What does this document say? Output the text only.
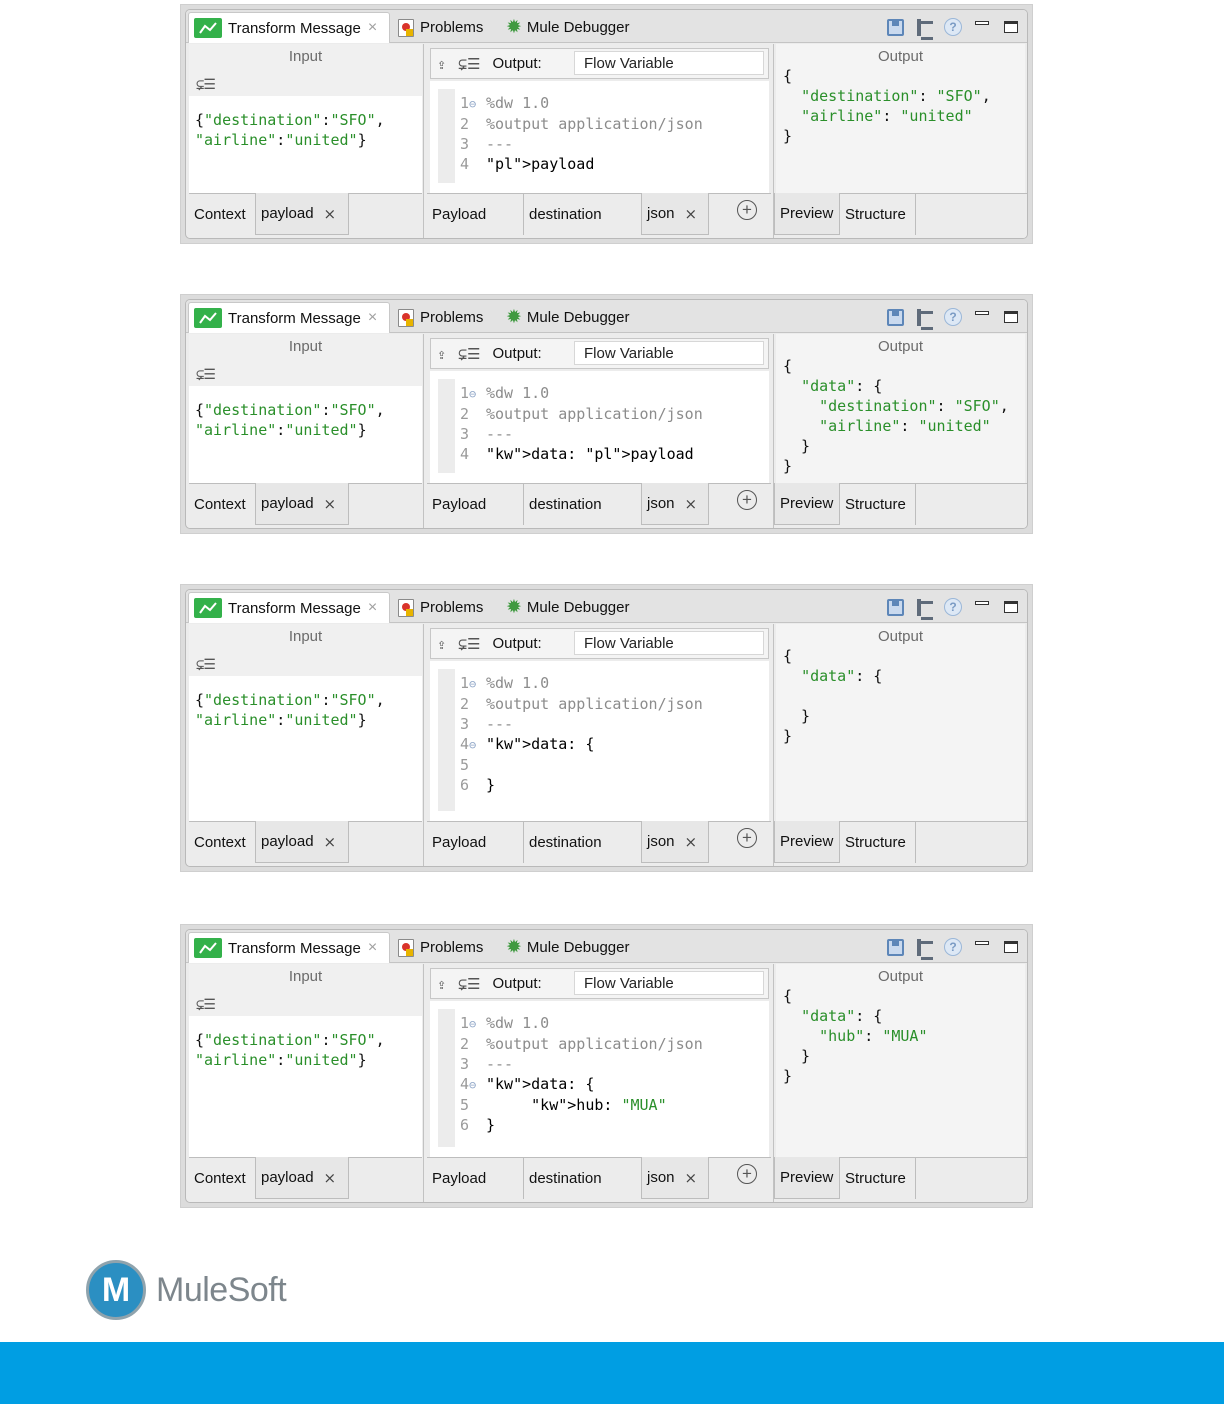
Transform Message ×	Problems ✹ Mule Debugger	?
Input
⊊☰
{"destination":"SFO",
"airline":"united"}
Context payload ⨯
⇪ ⊊☰ Output:	Flow Variable
1⊖ %dw 1.0
2 %output application/json
3 ---
4 "pl">payload
Payload	destination	json ⨯	+
Output
{
"destination": "SFO",
"airline": "united"
}
Preview Structure
Transform Message ×	Problems ✹ Mule Debugger	?
Input
⊊☰
{"destination":"SFO",
"airline":"united"}
Context payload ⨯
⇪ ⊊☰ Output:	Flow Variable
1⊖ %dw 1.0
2 %output application/json
3 ---
4 "kw">data: "pl">payload
Payload	destination	json ⨯	+
Output
{
"data": {
"destination": "SFO",
"airline": "united"
}
}
Preview Structure
Transform Message ×	Problems ✹ Mule Debugger	?
Input
⊊☰
{"destination":"SFO",
"airline":"united"}
Context payload ⨯
⇪ ⊊☰ Output:	Flow Variable
1⊖ %dw 1.0
2 %output application/json
3 ---
4⊖ "kw">data: {
5
6 }
Payload	destination	json ⨯	+
Output
{
"data": {

}
}
Preview Structure
Transform Message ×	Problems ✹ Mule Debugger	?
Input
⊊☰
{"destination":"SFO",
"airline":"united"}
Context payload ⨯
⇪ ⊊☰ Output:	Flow Variable
1⊖ %dw 1.0
2 %output application/json
3 ---
4⊖ "kw">data: {
5	"kw">hub: "MUA"
6 }
Payload	destination	json ⨯	+
Output
{
"data": {
"hub": "MUA"
}
}
Preview Structure
M MuleSoft
